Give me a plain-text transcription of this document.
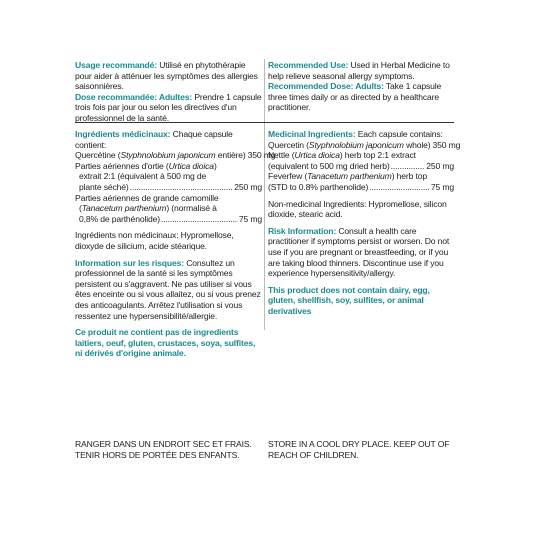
Usage recommandé: Utilisé en phytothérapie pour aider à atténuer les symptômes des allergies saisonnières.

Dose recommandée: Adultes: Prendre 1 capsule trois fois par jour ou selon les directives d'un professionnel de la santé.

Ingrédients médicinaux: Chaque capsule contient:

Quercétine (Styphnolobium japonicum entière) 350 mg
Parties aériennes d'ortie (Urtica dioica)
extrait 2:1 (équivalent à 500 mg de
plante séché) .....	250 mg
Parties aériennes de grande camomille
(Tanacetum parthenium) (normalisé à
0,8% de parthénolide) .....	75 mg

Ingrédients non médicinaux: Hypromellose, dioxyde de silicium, acide stéarique.

Information sur les risques: Consultez un professionnel de la santé si les symptômes persistent ou s'aggravent. Ne pas utiliser si vous êtes enceinte ou si vous allaitez, ou si vous prenez des anticoagulants. Arrêtez l'utilisation si vous ressentez une hypersensibilité/allergie.

Ce produit ne contient pas de ingredients laitiers, oeuf, gluten, crustaces, soya, sulfites, ni dérivés d'origine animale.

Recommended Use: Used in Herbal Medicine to help relieve seasonal allergy symptoms.

Recommended Dose: Adults: Take 1 capsule three times daily or as directed by a healthcare practitioner.

Medicinal Ingredients: Each capsule contains:

Quercetin (Styphnolobium japonicum whole) 350 mg
Nettle (Urtica dioica) herb top 2:1 extract
(equivalent to 500 mg dried herb) .....	250 mg
Feverfew (Tanacetum parthenium) herb top
(STD to 0.8% parthenolide) .....	75 mg

Non-medicinal Ingredients: Hypromellose, silicon dioxide, stearic acid.

Risk Information: Consult a health care practitioner if symptoms persist or worsen. Do not use if you are pregnant or breastfeeding, or if you are taking blood thinners. Discontinue use if you experience hypersensitivity/allergy.

This product does not contain dairy, egg, gluten, shellfish, soy, sulfites, or animal derivatives

RANGER DANS UN ENDROIT SEC ET FRAIS. TENIR HORS DE PORTÉE DES ENFANTS.
STORE IN A COOL DRY PLACE. KEEP OUT OF REACH OF CHILDREN.
